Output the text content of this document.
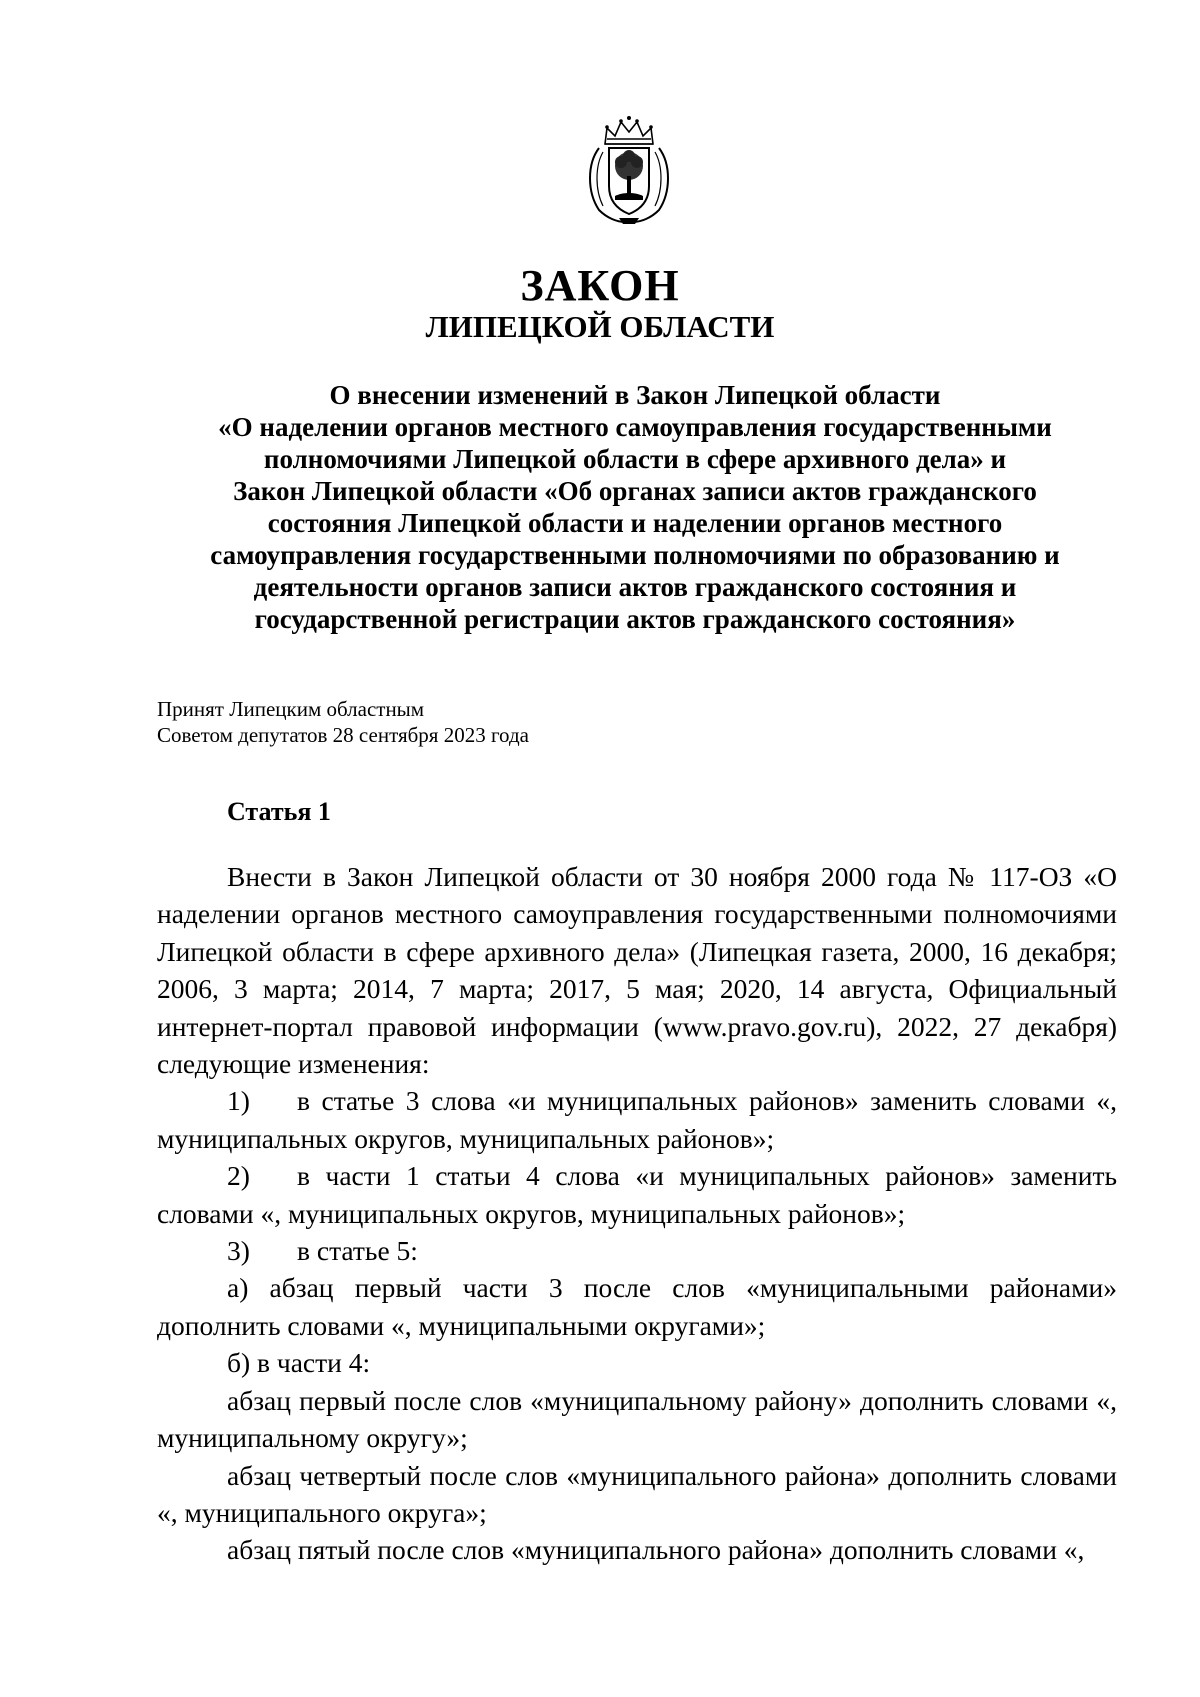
ЗАКОН
ЛИПЕЦКОЙ ОБЛАСТИ
О внесении изменений в Закон Липецкой области
«О наделении органов местного самоуправления государственными
полномочиями Липецкой области в сфере архивного дела» и
Закон Липецкой области «Об органах записи актов гражданского
состояния Липецкой области и наделении органов местного
самоуправления государственными полномочиями по образованию и
деятельности органов записи актов гражданского состояния и
государственной регистрации актов гражданского состояния»
Принят Липецким областным
Советом депутатов 28 сентября 2023 года
Статья 1

Внести в Закон Липецкой области от 30 ноября 2000 года № 117-ОЗ «О наделении органов местного самоуправления государственными полномочиями Липецкой области в сфере архивного дела» (Липецкая газета, 2000, 16 декабря; 2006, 3 марта; 2014, 7 марта; 2017, 5 мая; 2020, 14 августа, Официальный интернет-портал правовой информации (www.pravo.gov.ru), 2022, 27 декабря) следующие изменения:

1) в статье 3 слова «и муниципальных районов» заменить словами «, муниципальных округов, муниципальных районов»;

2) в части 1 статьи 4 слова «и муниципальных районов» заменить словами «, муниципальных округов, муниципальных районов»;

3) в статье 5:

а) абзац первый части 3 после слов «муниципальными районами» дополнить словами «, муниципальными округами»;

б) в части 4:

абзац первый после слов «муниципальному району» дополнить словами «, муниципальному округу»;

абзац четвертый после слов «муниципального района» дополнить словами «, муниципального округа»;

абзац пятый после слов «муниципального района» дополнить словами «,
